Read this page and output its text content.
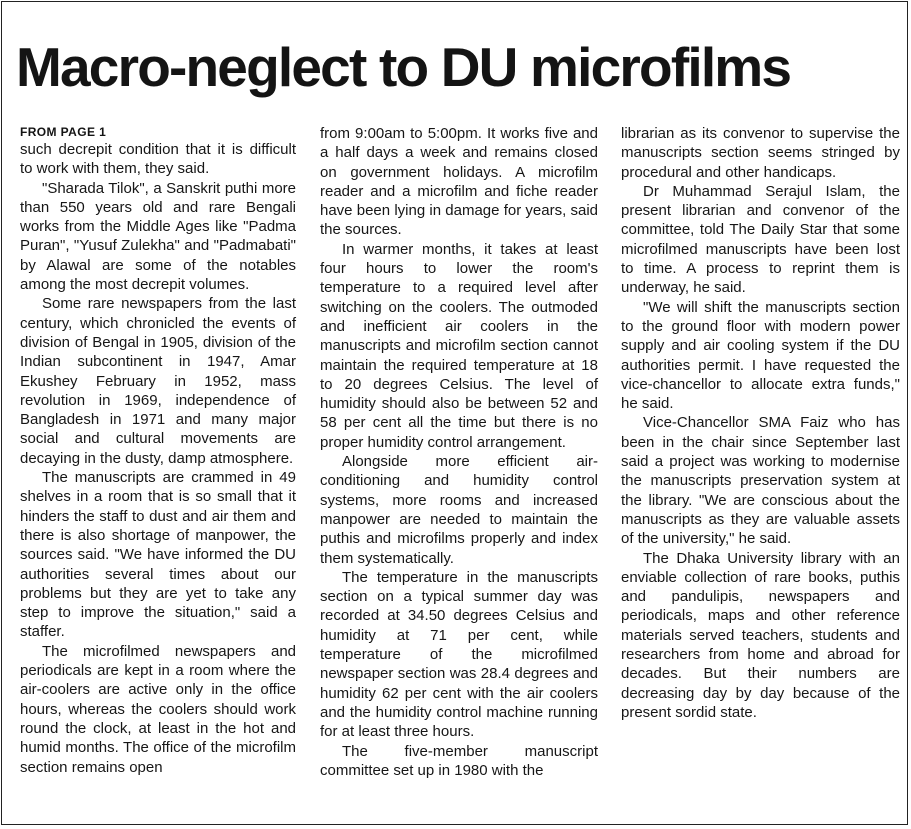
Macro-neglect to DU microfilms
FROM PAGE 1

such decrepit condition that it is difficult to work with them, they said.

"Sharada Tilok", a Sanskrit puthi more than 550 years old and rare Bengali works from the Middle Ages like "Padma Puran", "Yusuf Zulekha" and "Padmabati" by Alawal are some of the notables among the most decrepit volumes.

Some rare newspapers from the last century, which chronicled the events of division of Bengal in 1905, division of the Indian subcontinent in 1947, Amar Ekushey February in 1952, mass revolution in 1969, independence of Bangladesh in 1971 and many major social and cultural movements are decaying in the dusty, damp atmosphere.

The manuscripts are crammed in 49 shelves in a room that is so small that it hinders the staff to dust and air them and there is also shortage of manpower, the sources said. "We have informed the DU authorities several times about our problems but they are yet to take any step to improve the situation," said a staffer.

The microfilmed newspapers and periodicals are kept in a room where the air-coolers are active only in the office hours, whereas the coolers should work round the clock, at least in the hot and humid months. The office of the microfilm section remains open

from 9:00am to 5:00pm. It works five and a half days a week and remains closed on government holidays. A microfilm reader and a microfilm and fiche reader have been lying in damage for years, said the sources.

In warmer months, it takes at least four hours to lower the room's temperature to a required level after switching on the coolers. The outmoded and inefficient air coolers in the manuscripts and microfilm section cannot maintain the required temperature at 18 to 20 degrees Celsius. The level of humidity should also be between 52 and 58 per cent all the time but there is no proper humidity control arrangement.

Alongside more efficient air-conditioning and humidity control systems, more rooms and increased manpower are needed to maintain the puthis and microfilms properly and index them systematically.

The temperature in the manuscripts section on a typical summer day was recorded at 34.50 degrees Celsius and humidity at 71 per cent, while temperature of the microfilmed newspaper section was 28.4 degrees and humidity 62 per cent with the air coolers and the humidity control machine running for at least three hours.

The five-member manuscript committee set up in 1980 with the

librarian as its convenor to supervise the manuscripts section seems stringed by procedural and other handicaps.

Dr Muhammad Serajul Islam, the present librarian and convenor of the committee, told The Daily Star that some microfilmed manuscripts have been lost to time. A process to reprint them is underway, he said.

"We will shift the manuscripts section to the ground floor with modern power supply and air cooling system if the DU authorities permit. I have requested the vice-chancellor to allocate extra funds," he said.

Vice-Chancellor SMA Faiz who has been in the chair since September last said a project was working to modernise the manuscripts preservation system at the library. "We are conscious about the manuscripts as they are valuable assets of the university," he said.

The Dhaka University library with an enviable collection of rare books, puthis and pandulipis, newspapers and periodicals, maps and other reference materials served teachers, students and researchers from home and abroad for decades. But their numbers are decreasing day by day because of the present sordid state.
